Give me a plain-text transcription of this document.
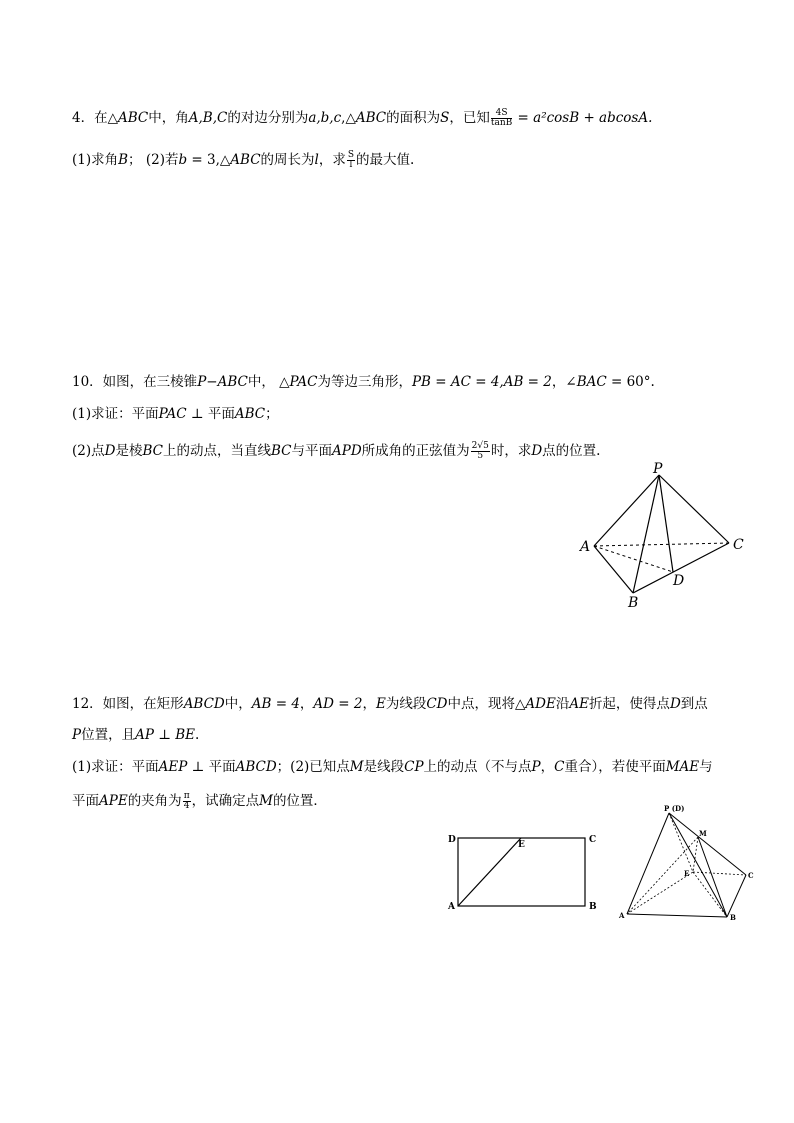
4．在△ABC中，角A,B,C的对边分别为a,b,c,△ABC的面积为S，已知 $\frac{4S}{\tan B} = a^2\cos B + abcosA$.
(1)求角B； (2)若b = 3,△ABC的周长为l，求 $\frac{S}{l}$ 的最大值.
10．如图，在三棱锥P−ABC中， △PAC为等边三角形，PB = AC = 4,AB = 2，∠BAC = 60°.
(1)求证：平面PAC ⊥ 平面ABC；
(2)点D是棱BC上的动点，当直线BC与平面APD所成角的正弦值为 $\frac{2√5}{5}$ 时，求D点的位置.
P
A	C
D
B
12．如图，在矩形ABCD中，AB = 4，AD = 2，E为线段CD中点，现将△ADE沿AE折起，使得点D到点
P位置，且AP ⊥ BE.
(1)求证：平面AEP ⊥ 平面ABCD；(2)已知点M是线段CP上的动点（不与点P，C重合），若使平面MAE与
平面APE的夹角为 $\frac{\pi}{4}$ ，试确定点M的位置．
D	E	C
A	B
P (D)
M
E	C
A	B
